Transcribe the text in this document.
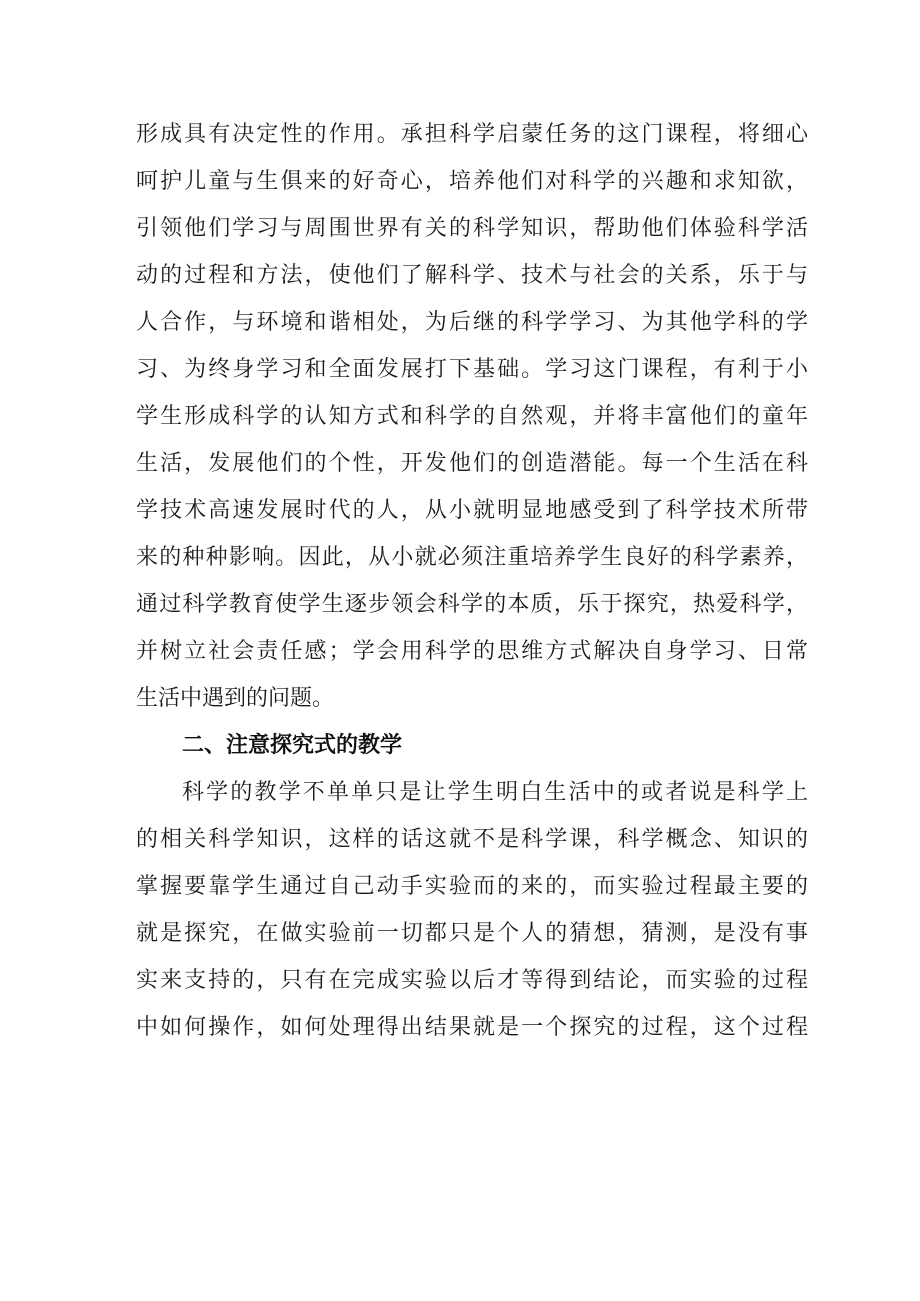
形成具有决定性的作用。承担科学启蒙任务的这门课程，将细心
呵护儿童与生俱来的好奇心，培养他们对科学的兴趣和求知欲，
引领他们学习与周围世界有关的科学知识，帮助他们体验科学活
动的过程和方法，使他们了解科学、技术与社会的关系，乐于与
人合作，与环境和谐相处，为后继的科学学习、为其他学科的学
习、为终身学习和全面发展打下基础。学习这门课程，有利于小
学生形成科学的认知方式和科学的自然观，并将丰富他们的童年
生活，发展他们的个性，开发他们的创造潜能。每一个生活在科
学技术高速发展时代的人，从小就明显地感受到了科学技术所带
来的种种影响。因此，从小就必须注重培养学生良好的科学素养，
通过科学教育使学生逐步领会科学的本质，乐于探究，热爱科学，
并树立社会责任感；学会用科学的思维方式解决自身学习、日常
生活中遇到的问题。
二、注意探究式的教学
科学的教学不单单只是让学生明白生活中的或者说是科学上
的相关科学知识，这样的话这就不是科学课，科学概念、知识的
掌握要靠学生通过自己动手实验而的来的，而实验过程最主要的
就是探究，在做实验前一切都只是个人的猜想，猜测，是没有事
实来支持的，只有在完成实验以后才等得到结论，而实验的过程
中如何操作，如何处理得出结果就是一个探究的过程，这个过程
